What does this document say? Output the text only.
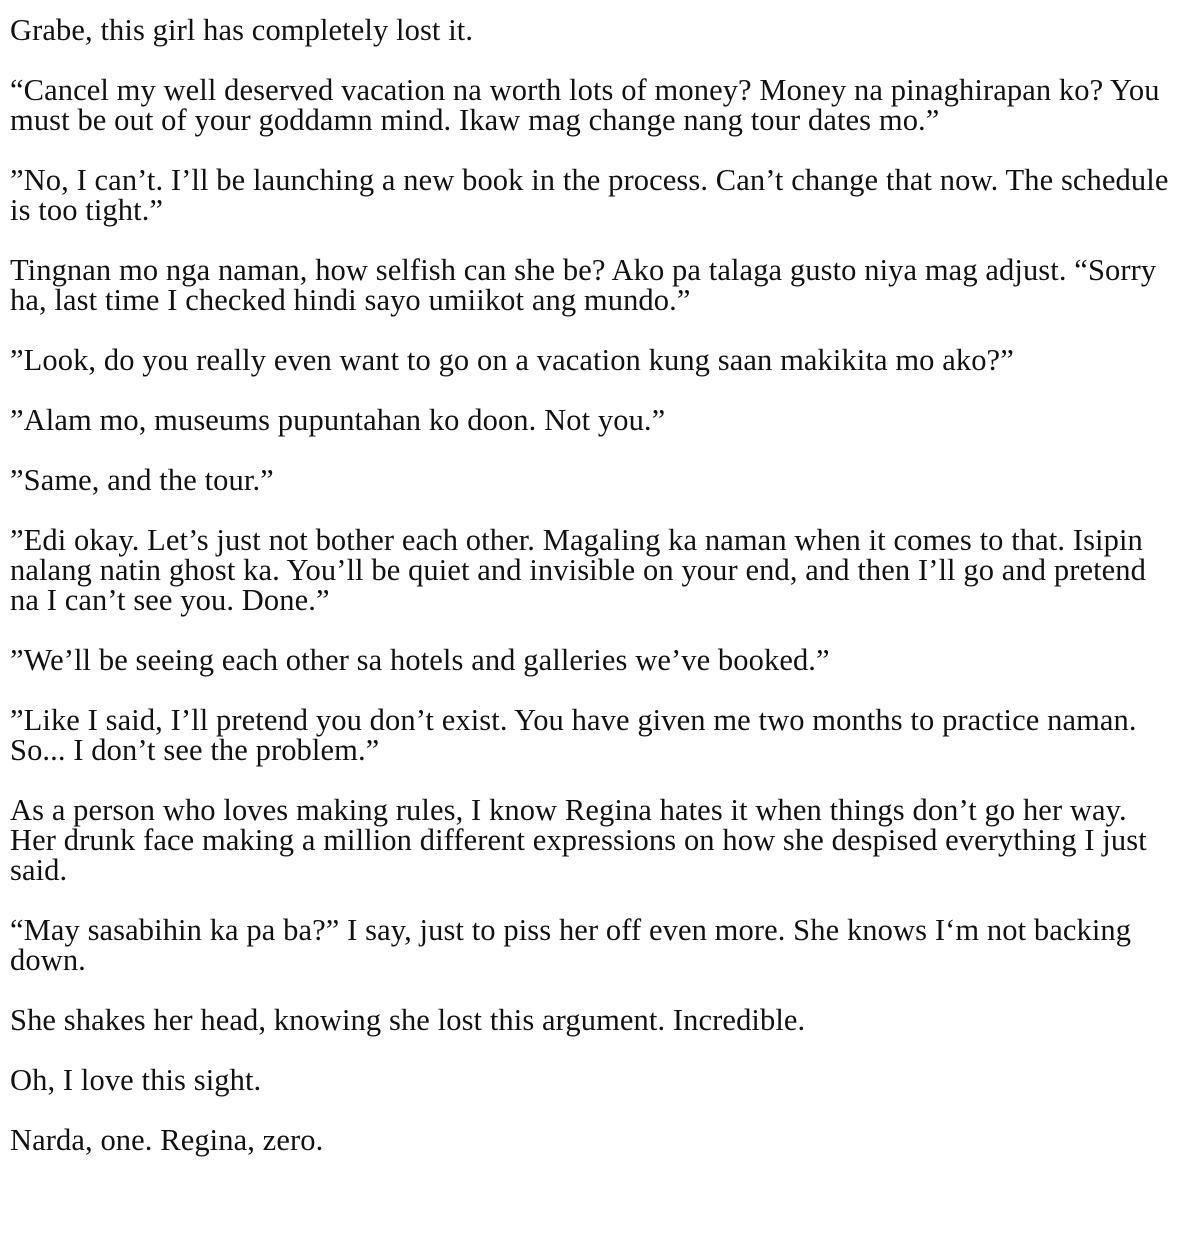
Grabe, this girl has completely lost it.

“Cancel my well deserved vacation na worth lots of money? Money na pinaghirapan ko? You must be out of your goddamn mind. Ikaw mag change nang tour dates mo.”

”No, I can’t. I’ll be launching a new book in the process. Can’t change that now. The schedule is too tight.”

Tingnan mo nga naman, how selfish can she be? Ako pa talaga gusto niya mag adjust. “Sorry ha, last time I checked hindi sayo umiikot ang mundo.”

”Look, do you really even want to go on a vacation kung saan makikita mo ako?”

”Alam mo, museums pupuntahan ko doon. Not you.”

”Same, and the tour.”

”Edi okay. Let’s just not bother each other. Magaling ka naman when it comes to that. Isipin nalang natin ghost ka. You’ll be quiet and invisible on your end, and then I’ll go and pretend na I can’t see you. Done.”

”We’ll be seeing each other sa hotels and galleries we’ve booked.”

”Like I said, I’ll pretend you don’t exist. You have given me two months to practice naman. So... I don’t see the problem.”

As a person who loves making rules, I know Regina hates it when things don’t go her way. Her drunk face making a million different expressions on how she despised everything I just said.

“May sasabihin ka pa ba?” I say, just to piss her off even more. She knows I‘m not backing down.

She shakes her head, knowing she lost this argument. Incredible.

Oh, I love this sight.

Narda, one. Regina, zero.
